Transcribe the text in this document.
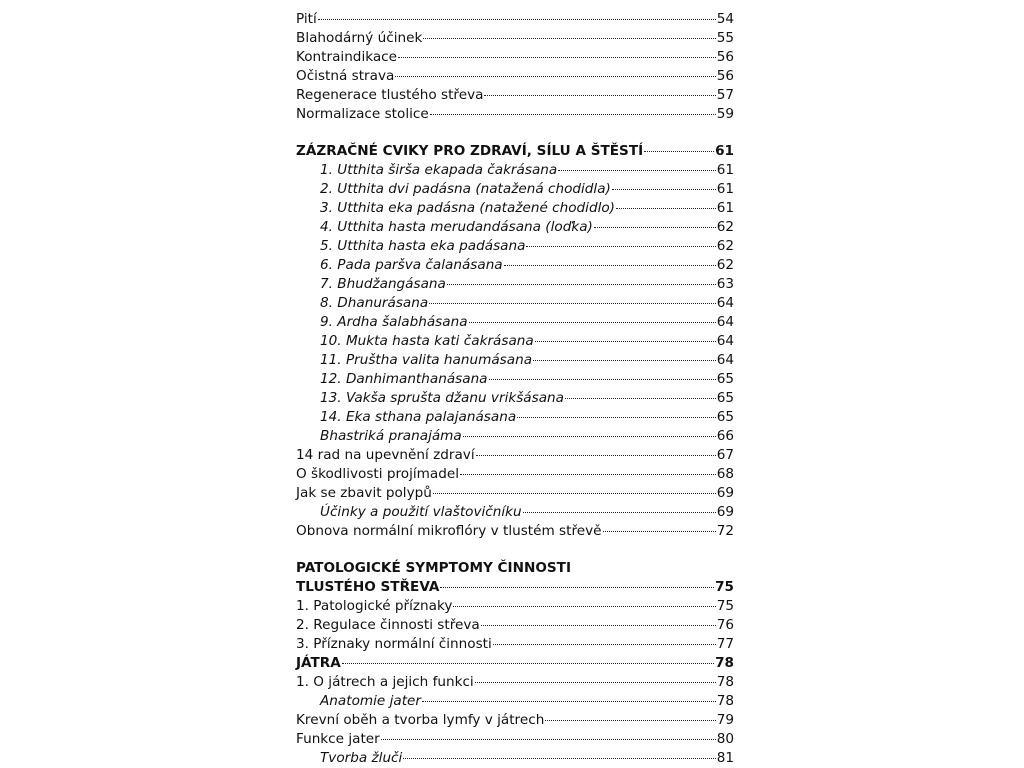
Pití	54
Blahodárný účinek	55
Kontraindikace	56
Očistná strava	56
Regenerace tlustého střeva	57
Normalizace stolice	59
ZÁZRAČNÉ CVIKY PRO ZDRAVÍ, SÍLU A ŠTĚSTÍ	61
1. Utthita širša ekapada čakrásana	61
2. Utthita dvi padásna (natažená chodidla)	61
3. Utthita eka padásna (natažené chodidlo)	61
4. Utthita hasta merudandásana (loďka)	62
5. Utthita hasta eka padásana	62
6. Pada paršva čalanásana	62
7. Bhudžangásana	63
8. Dhanurásana	64
9. Ardha šalabhásana	64
10. Mukta hasta kati čakrásana	64
11. Pruštha valita hanumásana	64
12. Danhimanthanásana	65
13. Vakša sprušta džanu vrikšásana	65
14. Eka sthana palajanásana	65
Bhastriká pranajáma	66
14 rad na upevnění zdraví	67
O škodlivosti projímadel	68
Jak se zbavit polypů	69
Účinky a použití vlaštovičníku	69
Obnova normální mikroflóry v tlustém střevě	72
PATOLOGICKÉ SYMPTOMY ČINNOSTI
TLUSTÉHO STŘEVA	75
1. Patologické příznaky	75
2. Regulace činnosti střeva	76
3. Příznaky normální činnosti	77
JÁTRA	78
1. O játrech a jejich funkci	78
Anatomie jater	78
Krevní oběh a tvorba lymfy v játrech	79
Funkce jater	80
Tvorba žluči	81
